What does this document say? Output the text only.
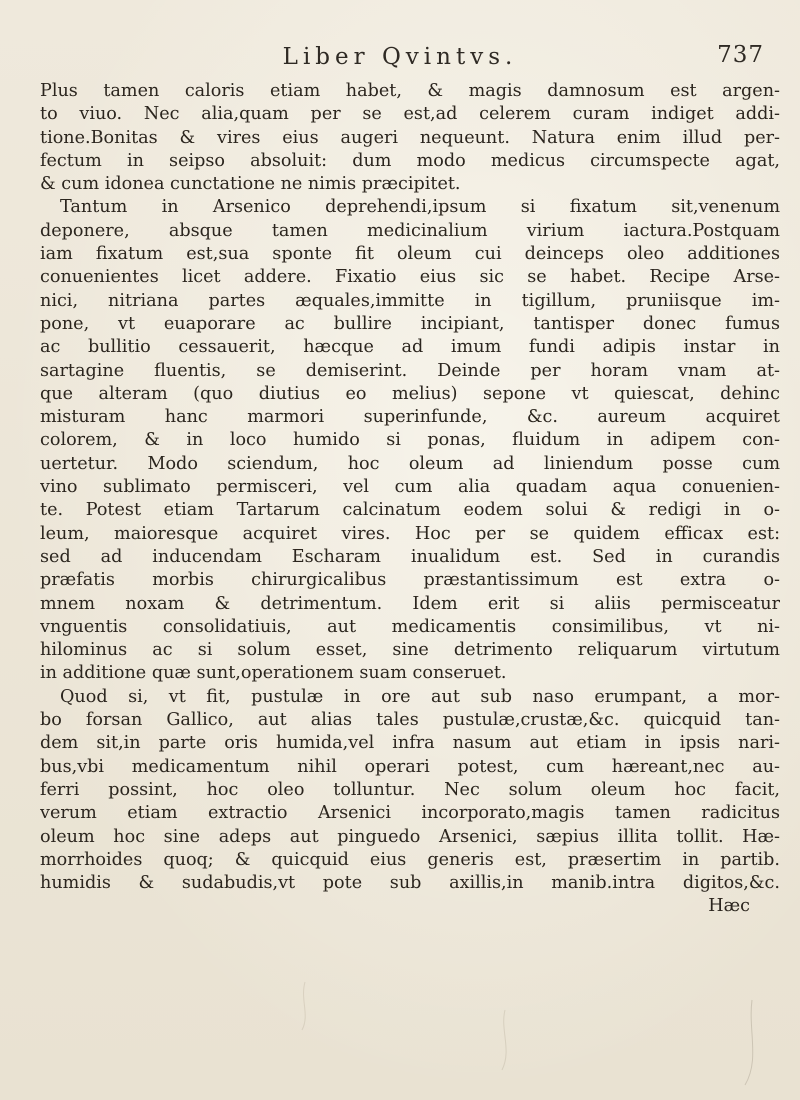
Liber Qvintvs.	737
Plus tamen caloris etiam habet, & magis damnosum est argen-
to viuo. Nec alia,quam per se est,ad celerem curam indiget addi-
tione.Bonitas & vires eius augeri nequeunt. Natura enim illud per-
fectum in seipso absoluit: dum modo medicus circumspecte agat,
& cum idonea cunctatione ne nimis præcipitet.
Tantum in Arsenico deprehendi,ipsum si fixatum sit,venenum
deponere, absque tamen medicinalium virium iactura.Postquam
iam fixatum est,sua sponte fit oleum cui deinceps oleo additiones
conuenientes licet addere. Fixatio eius sic se habet. Recipe Arse-
nici, nitriana partes æquales,immitte in tigillum, pruniisque im-
pone, vt euaporare ac bullire incipiant, tantisper donec fumus
ac bullitio cessauerit, hæcque ad imum fundi adipis instar in
sartagine fluentis, se demiserint. Deinde per horam vnam at-
que alteram (quo diutius eo melius) sepone vt quiescat, dehinc
misturam hanc marmori superinfunde, &c. aureum acquiret
colorem, & in loco humido si ponas, fluidum in adipem con-
uertetur. Modo sciendum, hoc oleum ad liniendum posse cum
vino sublimato permisceri, vel cum alia quadam aqua conuenien-
te. Potest etiam Tartarum calcinatum eodem solui & redigi in o-
leum, maioresque acquiret vires. Hoc per se quidem efficax est:
sed ad inducendam Escharam inualidum est. Sed in curandis
præfatis morbis chirurgicalibus præstantissimum est extra o-
mnem noxam & detrimentum. Idem erit si aliis permisceatur
vnguentis consolidatiuis, aut medicamentis consimilibus, vt ni-
hilominus ac si solum esset, sine detrimento reliquarum virtutum
in additione quæ sunt,operationem suam conseruet.
Quod si, vt fit, pustulæ in ore aut sub naso erumpant, a mor-
bo forsan Gallico, aut alias tales pustulæ,crustæ,&c. quicquid tan-
dem sit,in parte oris humida,vel infra nasum aut etiam in ipsis nari-
bus,vbi medicamentum nihil operari potest, cum hæreant,nec au-
ferri possint, hoc oleo tolluntur. Nec solum oleum hoc facit,
verum etiam extractio Arsenici incorporato,magis tamen radicitus
oleum hoc sine adeps aut pinguedo Arsenici, sæpius illita tollit. Hæ-
morrhoides quoq; & quicquid eius generis est, præsertim in partib.
humidis & sudabudis,vt pote sub axillis,in manib.intra digitos,&c.
Hæc
